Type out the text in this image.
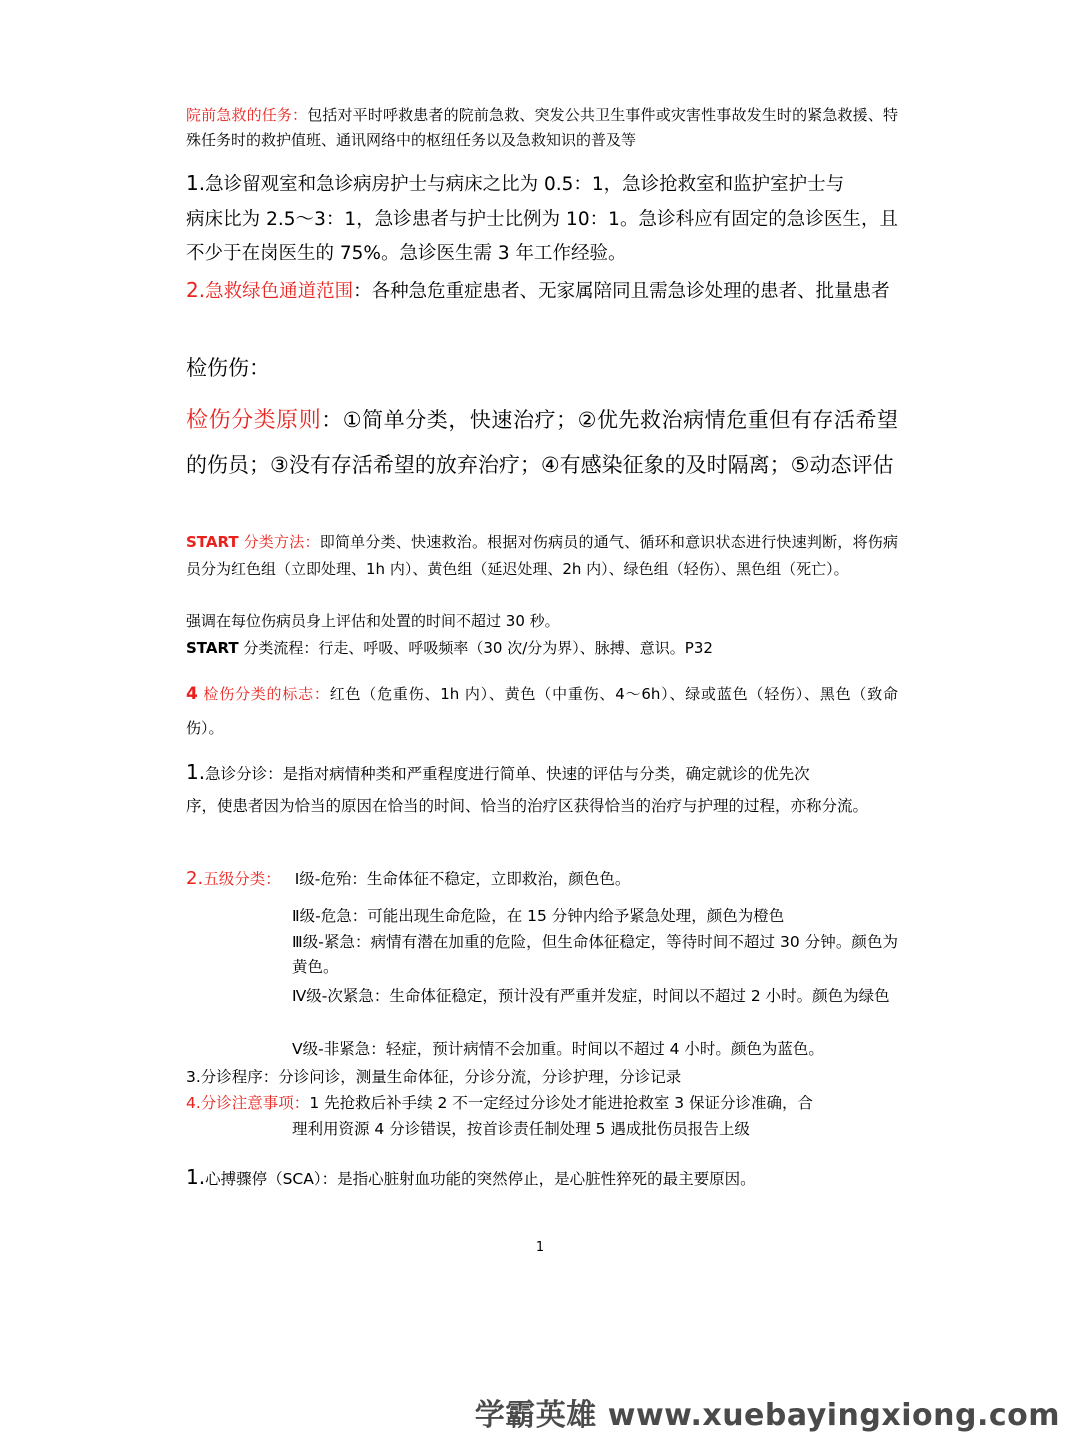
院前急救的任务：包括对平时呼救患者的院前急救、突发公共卫生事件或灾害性事故发生时的紧急救援、特殊任务时的救护值班、通讯网络中的枢纽任务以及急救知识的普及等
1.急诊留观室和急诊病房护士与病床之比为 0.5：1，急诊抢救室和监护室护士与
病床比为 2.5～3：1，急诊患者与护士比例为 10：1。急诊科应有固定的急诊医生，且不少于在岗医生的 75%。急诊医生需 3 年工作经验。
2.急救绿色通道范围：各种急危重症患者、无家属陪同且需急诊处理的患者、批量患者
检伤伤：
检伤分类原则：①简单分类，快速治疗；②优先救治病情危重但有存活希望的伤员；③没有存活希望的放弃治疗；④有感染征象的及时隔离；⑤动态评估
START 分类方法：即简单分类、快速救治。根据对伤病员的通气、循环和意识状态进行快速判断，将伤病员分为红色组（立即处理、1h 内）、黄色组（延迟处理、2h 内）、绿色组（轻伤）、黑色组（死亡）。
强调在每位伤病员身上评估和处置的时间不超过 30 秒。
START 分类流程：行走、呼吸、呼吸频率（30 次/分为界）、脉搏、意识。P32
4 检伤分类的标志：红色（危重伤、1h 内）、黄色（中重伤、4～6h）、绿或蓝色（轻伤）、黑色（致命伤）。
1.急诊分诊：是指对病情种类和严重程度进行简单、快速的评估与分类，确定就诊的优先次
序，使患者因为恰当的原因在恰当的时间、恰当的治疗区获得恰当的治疗与护理的过程，亦称分流。
2.五级分类： Ⅰ级-危殆：生命体征不稳定，立即救治，颜色色。
Ⅱ级-危急：可能出现生命危险，在 15 分钟内给予紧急处理，颜色为橙色
Ⅲ级-紧急：病情有潜在加重的危险，但生命体征稳定，等待时间不超过 30 分钟。颜色为黄色。
Ⅳ级-次紧急：生命体征稳定，预计没有严重并发症，时间以不超过 2 小时。颜色为绿色
Ⅴ级-非紧急：轻症，预计病情不会加重。时间以不超过 4 小时。颜色为蓝色。
3.分诊程序：分诊问诊，测量生命体征，分诊分流，分诊护理，分诊记录
4.分诊注意事项：1 先抢救后补手续 2 不一定经过分诊处才能进抢救室 3 保证分诊准确，合
理利用资源 4 分诊错误，按首诊责任制处理 5 遇成批伤员报告上级
1.心搏骤停（SCA）：是指心脏射血功能的突然停止，是心脏性猝死的最主要原因。
1
学霸英雄 www.xuebayingxiong.com
